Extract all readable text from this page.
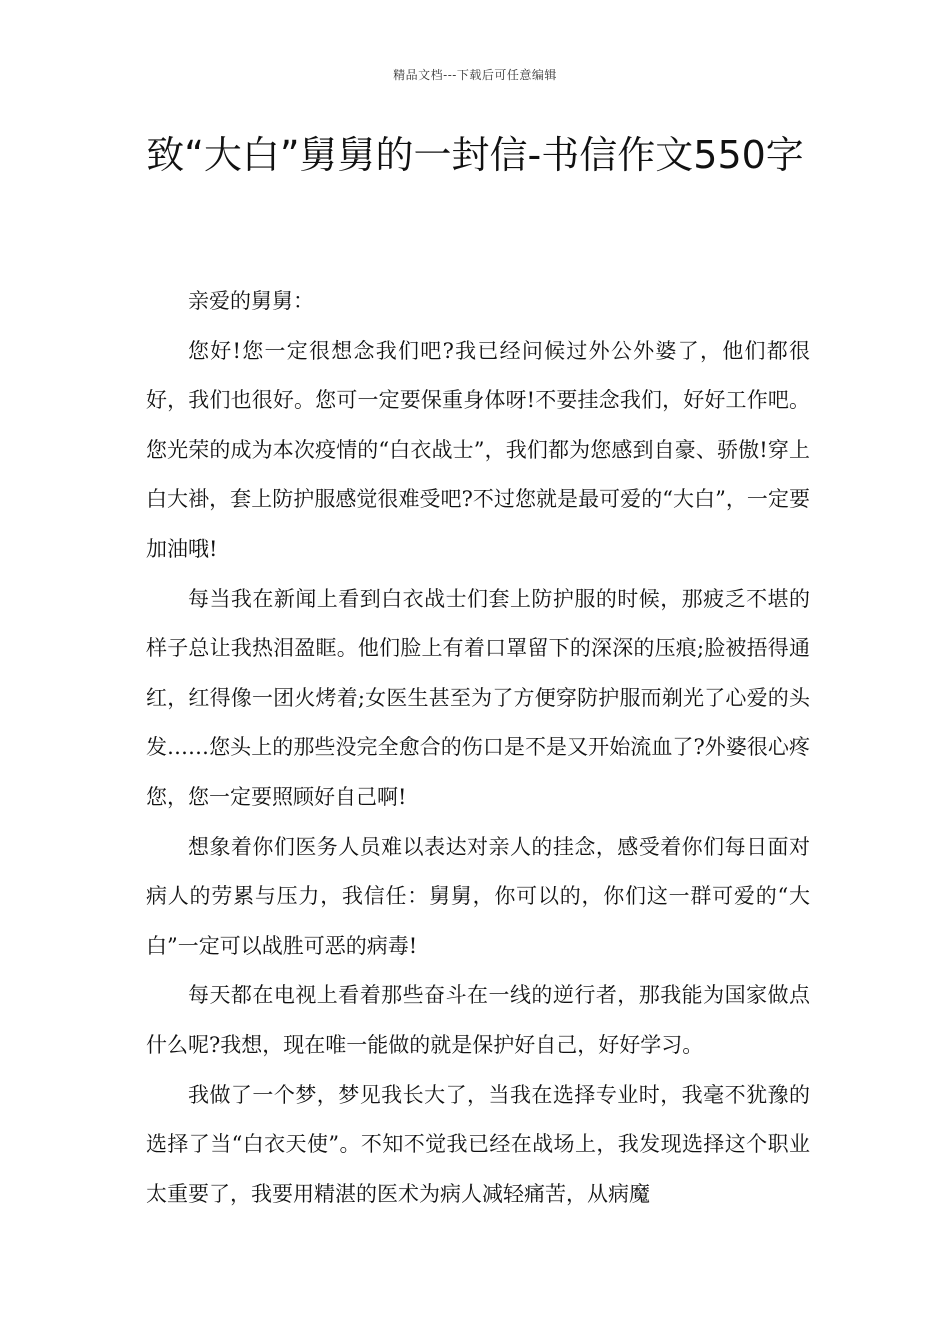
精品文档---下载后可任意编辑
致“大白”舅舅的一封信-书信作文550字

亲爱的舅舅：

您好!您一定很想念我们吧?我已经问候过外公外婆了，他们都很好，我们也很好。您可一定要保重身体呀!不要挂念我们，好好工作吧。您光荣的成为本次疫情的“白衣战士”，我们都为您感到自豪、骄傲!穿上白大褂，套上防护服感觉很难受吧?不过您就是最可爱的“大白”，一定要加油哦!

每当我在新闻上看到白衣战士们套上防护服的时候，那疲乏不堪的样子总让我热泪盈眶。他们脸上有着口罩留下的深深的压痕;脸被捂得通红，红得像一团火烤着;女医生甚至为了方便穿防护服而剃光了心爱的头发……您头上的那些没完全愈合的伤口是不是又开始流血了?外婆很心疼您，您一定要照顾好自己啊!

想象着你们医务人员难以表达对亲人的挂念，感受着你们每日面对病人的劳累与压力，我信任：舅舅，你可以的，你们这一群可爱的“大白”一定可以战胜可恶的病毒!

每天都在电视上看着那些奋斗在一线的逆行者，那我能为国家做点什么呢?我想，现在唯一能做的就是保护好自己，好好学习。

我做了一个梦，梦见我长大了，当我在选择专业时，我毫不犹豫的选择了当“白衣天使”。不知不觉我已经在战场上，我发现选择这个职业太重要了，我要用精湛的医术为病人减轻痛苦，从病魔
